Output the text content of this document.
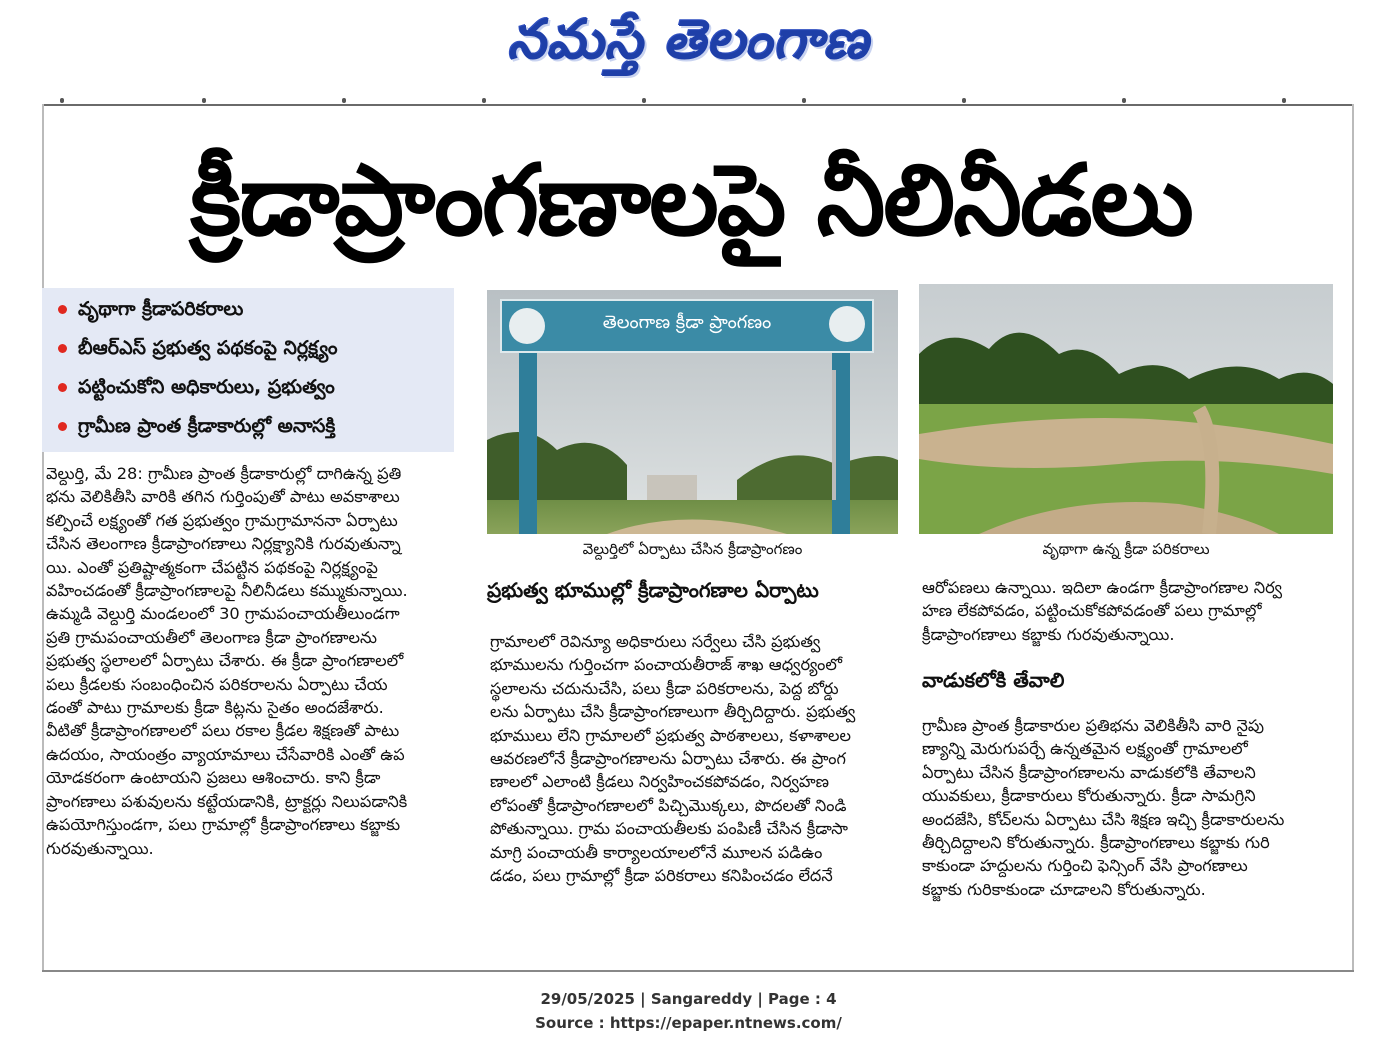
నమస్తే తెలంగాణ
క్రీడాప్రాంగణాలపై నీలినీడలు
వృథాగా క్రీడాపరికరాలు
బీఆర్ఎస్ ప్రభుత్వ పథకంపై నిర్లక్ష్యం
పట్టించుకోని అధికారులు, ప్రభుత్వం
గ్రామీణ ప్రాంత క్రీడాకారుల్లో అనాసక్తి

వెల్దుర్తి, మే 28: గ్రామీణ ప్రాంత క్రీడాకారుల్లో దాగిఉన్న ప్రతి

భను వెలికితీసి వారికి తగిన గుర్తింపుతో పాటు అవకాశాలు

కల్పించే లక్ష్యంతో గత ప్రభుత్వం గ్రామగ్రామాననా ఏర్పాటు

చేసిన తెలంగాణ క్రీడాప్రాంగణాలు నిర్లక్ష్యానికి గురవుతున్నా

యి. ఎంతో ప్రతిష్టాత్మకంగా చేపట్టిన పథకంపై నిర్లక్ష్యంపై

వహించడంతో క్రీడాప్రాంగణాలపై నీలినీడలు కమ్ముకున్నాయి.

ఉమ్మడి వెల్దుర్తి మండలంలో 30 గ్రామపంచాయతీలుండగా

ప్రతి గ్రామపంచాయతీలో తెలంగాణ క్రీడా ప్రాంగణాలను

ప్రభుత్వ స్థలాలలో ఏర్పాటు చేశారు. ఈ క్రీడా ప్రాంగణాలలో

పలు క్రీడలకు సంబంధించిన పరికరాలను ఏర్పాటు చేయ

డంతో పాటు గ్రామాలకు క్రీడా కిట్లను సైతం అందజేశారు.

వీటితో క్రీడాప్రాంగణాలలో పలు రకాల క్రీడల శిక్షణతో పాటు

ఉదయం, సాయంత్రం వ్యాయామాలు చేసేవారికి ఎంతో ఉప

యోడకరంగా ఉంటాయని ప్రజలు ఆశించారు. కాని క్రీడా

ప్రాంగణాలు పశువులను కట్టేయడానికి, ట్రాక్టర్లు నిలుపడానికి

ఉపయోగిస్తుండగా, పలు గ్రామాల్లో క్రీడాప్రాంగణాలు కబ్జాకు

గురవుతున్నాయి.

తెలంగాణ క్రీడా ప్రాంగణం
వెల్దుర్తిలో ఏర్పాటు చేసిన క్రీడాప్రాంగణం	వృథాగా ఉన్న క్రీడా పరికరాలు
ప్రభుత్వ భూముల్లో క్రీడాప్రాంగణాల ఏర్పాటు

గ్రామాలలో రెవిన్యూ అధికారులు సర్వేలు చేసి ప్రభుత్వ

భూములను గుర్తించగా పంచాయతీరాజ్ శాఖ ఆధ్వర్యంలో

స్థలాలను చదునుచేసి, పలు క్రీడా పరికరాలను, పెద్ద బోర్డు

లను ఏర్పాటు చేసి క్రీడాప్రాంగణాలుగా తీర్చిదిద్దారు. ప్రభుత్వ

భూములు లేని గ్రామాలలో ప్రభుత్వ పాఠశాలలు, కళాశాలల

ఆవరణలోనే క్రీడాప్రాంగణాలను ఏర్పాటు చేశారు. ఈ ప్రాంగ

ణాలలో ఎలాంటి క్రీడలు నిర్వహించకపోవడం, నిర్వహణ

లోపంతో క్రీడాప్రాంగణాలలో పిచ్చిమొక్కలు, పొదలతో నిండి

పోతున్నాయి. గ్రామ పంచాయతీలకు పంపిణీ చేసిన క్రీడాసా

మాగ్రి పంచాయతీ కార్యాలయాలలోనే మూలన పడిఉం

డడం, పలు గ్రామాల్లో క్రీడా పరికరాలు కనిపించడం లేదనే

ఆరోపణలు ఉన్నాయి. ఇదిలా ఉండగా క్రీడాప్రాంగణాల నిర్వ

హణ లేకపోవడం, పట్టించుకోకపోవడంతో పలు గ్రామాల్లో

క్రీడాప్రాంగణాలు కబ్జాకు గురవుతున్నాయి.

వాడుకలోకి తేవాలి

గ్రామీణ ప్రాంత క్రీడాకారుల ప్రతిభను వెలికితీసి వారి నైపు

ణ్యాన్ని మెరుగుపర్చే ఉన్నతమైన లక్ష్యంతో గ్రామాలలో

ఏర్పాటు చేసిన క్రీడాప్రాంగణాలను వాడుకలోకి తేవాలని

యువకులు, క్రీడాకారులు కోరుతున్నారు. క్రీడా సామగ్రిని

అందజేసి, కోచ్‌లను ఏర్పాటు చేసి శిక్షణ ఇచ్చి క్రీడాకారులను

తీర్చిదిద్దాలని కోరుతున్నారు. క్రీడాప్రాంగణాలు కబ్జాకు గురి

కాకుండా హద్దులను గుర్తించి ఫెన్సింగ్ వేసి ప్రాంగణాలు

కబ్జాకు గురికాకుండా చూడాలని కోరుతున్నారు.

29/05/2025 | Sangareddy | Page : 4
Source : https://epaper.ntnews.com/
